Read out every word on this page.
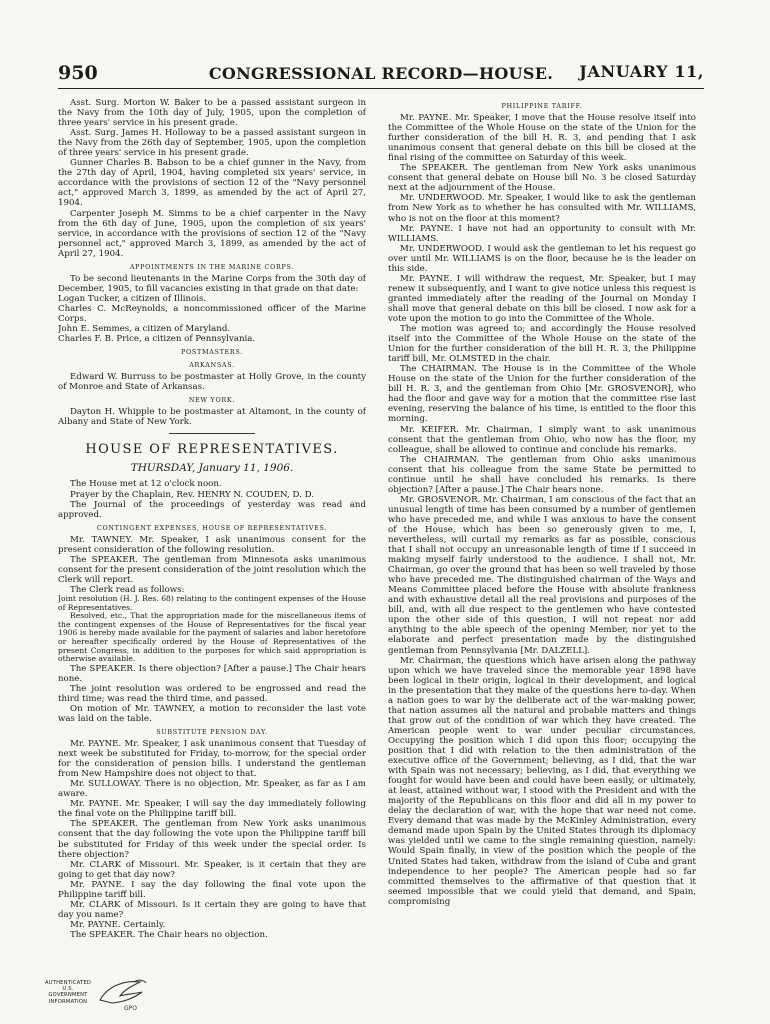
950	CONGRESSIONAL RECORD—HOUSE.	JANUARY 11,

Asst. Surg. Morton W. Baker to be a passed assistant surgeon in the Navy from the 10th day of July, 1905, upon the completion of three years' service in his present grade.

Asst. Surg. James H. Holloway to be a passed assistant surgeon in the Navy from the 26th day of September, 1905, upon the completion of three years' service in his present grade.

Gunner Charles B. Babson to be a chief gunner in the Navy, from the 27th day of April, 1904, having completed six years' service, in accordance with the provisions of section 12 of the "Navy personnel act," approved March 3, 1899, as amended by the act of April 27, 1904.

Carpenter Joseph M. Simms to be a chief carpenter in the Navy from the 6th day of June, 1905, upon the completion of six years' service, in accordance with the provisions of section 12 of the "Navy personnel act," approved March 3, 1899, as amended by the act of April 27, 1904.

APPOINTMENTS IN THE MARINE CORPS.

To be second lieutenants in the Marine Corps from the 30th day of December, 1905, to fill vacancies existing in that grade on that date:

Logan Tucker, a citizen of Illinois.

Charles C. McReynolds, a noncommissioned officer of the Marine Corps.

John E. Semmes, a citizen of Maryland.

Charles F. B. Price, a citizen of Pennsylvania.

POSTMASTERS.

ARKANSAS.

Edward W. Burruss to be postmaster at Holly Grove, in the county of Monroe and State of Arkansas.

NEW YORK.

Dayton H. Whipple to be postmaster at Altamont, in the county of Albany and State of New York.

HOUSE OF REPRESENTATIVES.

THURSDAY, January 11, 1906.

The House met at 12 o'clock noon.

Prayer by the Chaplain, Rev. HENRY N. COUDEN, D. D.

The Journal of the proceedings of yesterday was read and approved.

CONTINGENT EXPENSES, HOUSE OF REPRESENTATIVES.

Mr. TAWNEY. Mr. Speaker, I ask unanimous consent for the present consideration of the following resolution.

The SPEAKER. The gentleman from Minnesota asks unanimous consent for the present consideration of the joint resolution which the Clerk will report.

The Clerk read as follows:

Joint resolution (H. J. Res. 68) relating to the contingent expenses of the House of Representatives.

Resolved, etc., That the appropriation made for the miscellaneous items of the contingent expenses of the House of Representatives for the fiscal year 1906 is hereby made available for the payment of salaries and labor heretofore or hereafter specifically ordered by the House of Representatives of the present Congress, in addition to the purposes for which said appropriation is otherwise available.

The SPEAKER. Is there objection? [After a pause.] The Chair hears none.

The joint resolution was ordered to be engrossed and read the third time; was read the third time, and passed.

On motion of Mr. TAWNEY, a motion to reconsider the last vote was laid on the table.

SUBSTITUTE PENSION DAY.

Mr. PAYNE. Mr. Speaker, I ask unanimous consent that Tuesday of next week be substituted for Friday, to-morrow, for the special order for the consideration of pension bills. I understand the gentleman from New Hampshire does not object to that.

Mr. SULLOWAY. There is no objection, Mr. Speaker, as far as I am aware.

Mr. PAYNE. Mr. Speaker, I will say the day immediately following the final vote on the Philippine tariff bill.

The SPEAKER. The gentleman from New York asks unanimous consent that the day following the vote upon the Philippine tariff bill be substituted for Friday of this week under the special order. Is there objection?

Mr. CLARK of Missouri. Mr. Speaker, is it certain that they are going to get that day now?

Mr. PAYNE. I say the day following the final vote upon the Philippine tariff bill.

Mr. CLARK of Missouri. Is it certain they are going to have that day you name?

Mr. PAYNE. Certainly.

The SPEAKER. The Chair hears no objection.

PHILIPPINE TARIFF.

Mr. PAYNE. Mr. Speaker, I move that the House resolve itself into the Committee of the Whole House on the state of the Union for the further consideration of the bill H. R. 3, and pending that I ask unanimous consent that general debate on this bill be closed at the final rising of the committee on Saturday of this week.

The SPEAKER. The gentleman from New York asks unanimous consent that general debate on House bill No. 3 be closed Saturday next at the adjournment of the House.

Mr. UNDERWOOD. Mr. Speaker, I would like to ask the gentleman from New York as to whether he has consulted with Mr. WILLIAMS, who is not on the floor at this moment?

Mr. PAYNE. I have not had an opportunity to consult with Mr. WILLIAMS.

Mr. UNDERWOOD. I would ask the gentleman to let his request go over until Mr. WILLIAMS is on the floor, because he is the leader on this side.

Mr. PAYNE. I will withdraw the request, Mr. Speaker, but I may renew it subsequently, and I want to give notice unless this request is granted immediately after the reading of the Journal on Monday I shall move that general debate on this bill be closed. I now ask for a vote upon the motion to go into the Committee of the Whole.

The motion was agreed to; and accordingly the House resolved itself into the Committee of the Whole House on the state of the Union for the further consideration of the bill H. R. 3, the Philippine tariff bill, Mr. OLMSTED in the chair.

The CHAIRMAN. The House is in the Committee of the Whole House on the state of the Union for the further consideration of the bill H. R. 3, and the gentleman from Ohio [Mr. GROSVENOR], who had the floor and gave way for a motion that the committee rise last evening, reserving the balance of his time, is entitled to the floor this morning.

Mr. KEIFER. Mr. Chairman, I simply want to ask unanimous consent that the gentleman from Ohio, who now has the floor, my colleague, shall be allowed to continue and conclude his remarks.

The CHAIRMAN. The gentleman from Ohio asks unanimous consent that his colleague from the same State be permitted to continue until he shall have concluded his remarks. Is there objection? [After a pause.] The Chair hears none.

Mr. GROSVENOR. Mr. Chairman, I am conscious of the fact that an unusual length of time has been consumed by a number of gentlemen who have preceded me, and while I was anxious to have the consent of the House, which has been so generously given to me, I, nevertheless, will curtail my remarks as far as possible, conscious that I shall not occupy an unreasonable length of time if I succeed in making myself fairly understood to the audience. I shall not, Mr. Chairman, go over the ground that has been so well traveled by those who have preceded me. The distinguished chairman of the Ways and Means Committee placed before the House with absolute frankness and with exhaustive detail all the real provisions and purposes of the bill, and, with all due respect to the gentlemen who have contested upon the other side of this question, I will not repeat nor add anything to the able speech of the opening Member, nor yet to the elaborate and perfect presentation made by the distinguished gentleman from Pennsylvania [Mr. DALZELL].

Mr. Chairman, the questions which have arisen along the pathway upon which we have traveled since the memorable year 1898 have been logical in their origin, logical in their development, and logical in the presentation that they make of the questions here to-day. When a nation goes to war by the deliberate act of the war-making power, that nation assumes all the natural and probable matters and things that grow out of the condition of war which they have created. The American people went to war under peculiar circumstances. Occupying the position which I did upon this floor; occupying the position that I did with relation to the then administration of the executive office of the Government; believing, as I did, that the war with Spain was not necessary; believing, as I did, that everything we fought for would have been and could have been easily, or ultimately, at least, attained without war, I stood with the President and with the majority of the Republicans on this floor and did all in my power to delay the declaration of war, with the hope that war need not come. Every demand that was made by the McKinley Administration, every demand made upon Spain by the United States through its diplomacy was yielded until we came to the single remaining question, namely: Would Spain finally, in view of the position which the people of the United States had taken, withdraw from the island of Cuba and grant independence to her people? The American people had so far committed themselves to the affirmative of that question that it seemed impossible that we could yield that demand, and Spain, compromising

AUTHENTICATED U.S. GOVERNMENT INFORMATION
GPO
